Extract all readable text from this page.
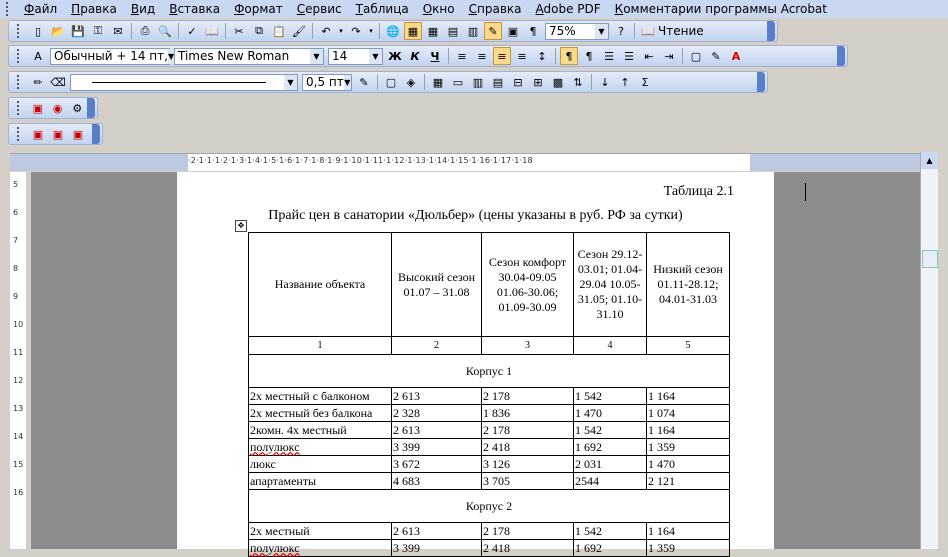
Файл	Правка	Вид	Вставка	Формат	Сервис	Таблица	Окно	Справка	Adobe PDF	Комментарии программы Acrobat
▯ 📂 💾 ⚿	✉	⎙ 🔍	✓ 📖	✂	⧉ 📋 🖌	↶	▾ ↷	▾ 🌐 ▦ ▦ ▤ ▥ ✎ ▣	¶	75%	▼	?	📖 Чтение
A	Обычный + 14 пт, ▼ Times New Roman	▼ 14	▼ Ж К	Ч	≡ ≡ ≡ ≡ ↕	¶	¶	☰ ☰ ⇤ ⇥	▢ ✎	A
✏ ⌫	▼ 0,5 пт ▼ ✎	▢ ◈	▦ ▭ ▥ ▤ ⊟ ⊞ ▩ ⇅	↓ ↑	Σ
▣ ◉ ⚙
▣ ▣ ▣
·2·1·1·1·2·1·3·1·4·1·5·1·6·1·7·1·8·1·9·1·10·1·11·1·12·1·13·1·14·1·15·1·16·1·17·1·18
5
6
7
8
9
10
11
12
13
14
15
16
Таблица 2.1
Прайс цен в санатории «Дюльбер» (цены указаны в руб. РФ за сутки)
✥
Название объекта	Высокий сезон 01.07 – 31.08	Сезон комфорт 30.04-09.05 01.06-30.06; 01.09-30.09	Сезон 29.12-03.01; 01.04-29.04 10.05-31.05; 01.10-31.10	Низкий сезон 01.11-28.12; 04.01-31.03
1	2	3	4	5
Корпус 1				
2х местный с балконом	2 613	2 178	1 542	1 164
2х местный без балкона	2 328	1 836	1 470	1 074
2комн. 4х местный	2 613	2 178	1 542	1 164
полулюкс	3 399	2 418	1 692	1 359
люкс	3 672	3 126	2 031	1 470
апартаменты	4 683	3 705	2544	2 121
Корпус 2				
2х местный	2 613	2 178	1 542	1 164
полулюкс	3 399	2 418	1 692	1 359
▲
